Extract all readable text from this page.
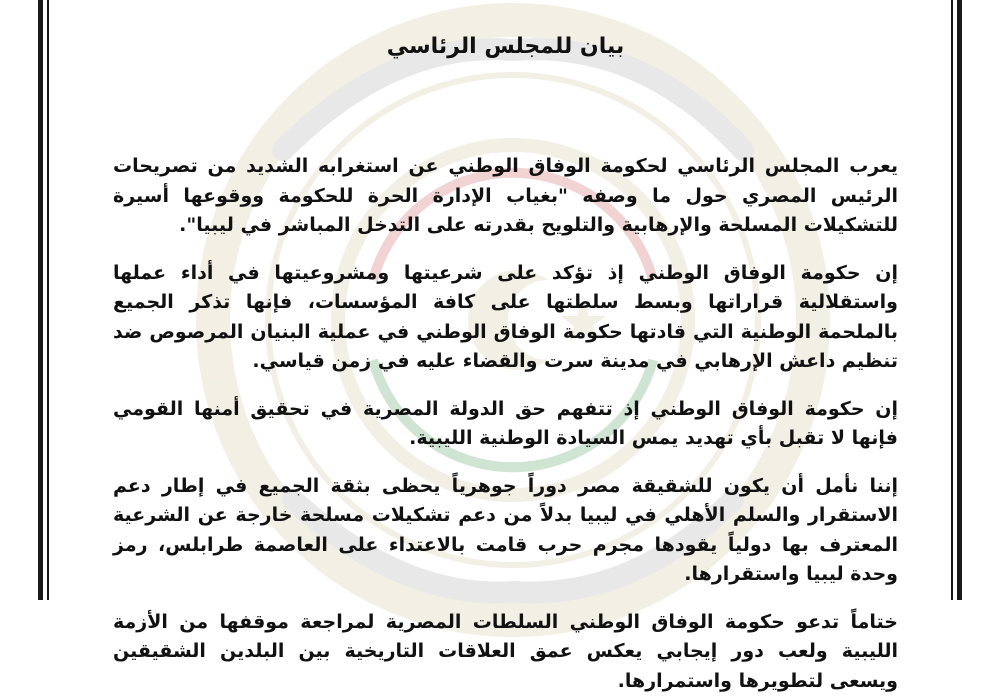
بيان للمجلس الرئاسي

يعرب المجلس الرئاسي لحكومة الوفاق الوطني عن استغرابه الشديد من تصريحات الرئيس المصري حول ما وصفه "بغياب الإدارة الحرة للحكومة ووقوعها أسيرة للتشكيلات المسلحة والإرهابية والتلويح بقدرته على التدخل المباشر في ليبيا".

إن حكومة الوفاق الوطني إذ تؤكد على شرعيتها ومشروعيتها في أداء عملها واستقلالية قراراتها وبسط سلطتها على كافة المؤسسات، فإنها تذكر الجميع بالملحمة الوطنية التي قادتها حكومة الوفاق الوطني في عملية البنيان المرصوص ضد تنظيم داعش الإرهابي في مدينة سرت والقضاء عليه في زمن قياسي.

إن حكومة الوفاق الوطني إذ تتفهم حق الدولة المصرية في تحقيق أمنها القومي فإنها لا تقبل بأي تهديد يمس السيادة الوطنية الليبية.

إننا نأمل أن يكون للشقيقة مصر دوراً جوهرياً يحظى بثقة الجميع في إطار دعم الاستقرار والسلم الأهلي في ليبيا بدلاً من دعم تشكيلات مسلحة خارجة عن الشرعية المعترف بها دولياً يقودها مجرم حرب قامت بالاعتداء على العاصمة طرابلس، رمز وحدة ليبيا واستقرارها.

ختاماً تدعو حكومة الوفاق الوطني السلطات المصرية لمراجعة موقفها من الأزمة الليبية ولعب دور إيجابي يعكس عمق العلاقات التاريخية بين البلدين الشقيقين ويسعى لتطويرها واستمرارها.
